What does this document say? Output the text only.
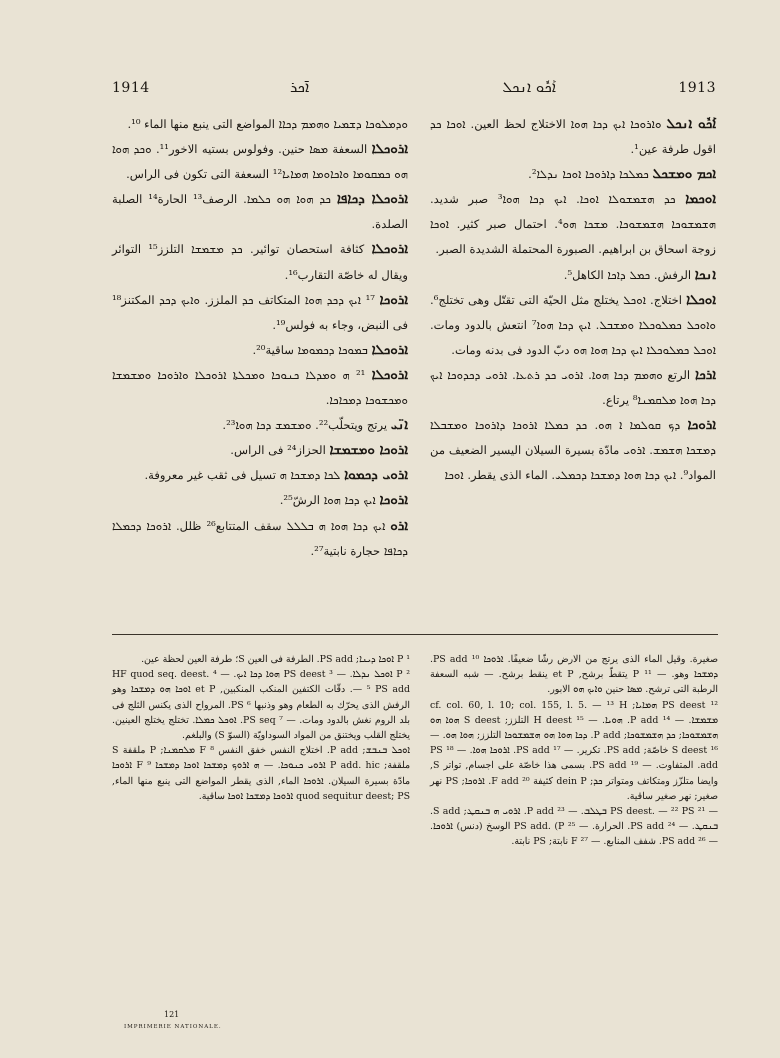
1914	ܐ̄ܟܪ	ܐܰܟܽܘ ܐܢܟܠ	1913

ܘܕܡܠܘܟܐ ܕܫܡܝܐ ܘܗܡܡ ܕܟܐܐ المواضع التى ينبع منها الماء ¹⁰.

ܐܪܘܟܠܐ السعفة ܡܣܐ حنين. وفولوس بستيه الاخور¹¹. ܘܟܕ ܗܘܐ ܗܘ ܟܡܩܘܡܐ ܘܐܟܐܘܡܐ ܗܡܐܝܐ¹² السعفة التى تكون فى الراس.

ܐܪܘܟܠܐ ܕܟܐܦܐ ܟܕ ܗܘܐ ܗܘ ܟܠܡܐ. الرصف¹³ الحارة¹⁴ الصلبة الصلدة.

ܐܪܘܟܠܐ كثافة استحصان توائير. ܟܕ ܡܫܡܫܐ التلزز¹⁵ التوائر ويقال له خاصّة التقارب¹⁶.

ܐܪܘܟܐ ¹⁷ ܐܝܟ ܕܟܕ ܗܘܐ المتكاتف ܟܕ الملزز. ܘܐܝܟ ܕܟܕ المكتنز¹⁸ فى النبض، وجاء به فولس¹⁹.

ܐܪܘܟܠܐ ܒܡܘܟܐ ܕܟܡܘܡܐ ساقية²⁰.

ܐܪܘܟܠܐ ²¹ ܗ ܘܡܕܠܐ ܟܢܘܟܐ ܘܡܟܠܬܐ ܐܪܘܟܠܐ ܘܐܪܘܟܐ ܘܡܫܡܫܐ ܘܡܟܫܘܟܐ ܕܡܟܐܟܐ.

ܐܢ̈ܝ يرتج ويتحلّب²². ܘܡܫܡܫ ܕܟܐ ܗܘܐ²³.

ܐܪܘܟܐ ܘܡܫܡܫܐ الحزاز²⁴ فى الراس.

ܐܪܘܝ ܕܟܡܘܐ ܠܟܐ ܕܡܫܟܐ ܗ تسيل فى ثقب غير معروفة.

ܐܪܘܟܐ ܐܝܟ ܕܟܐ ܗܘܐ الرشّ²⁵.

ܐܪܘ ܐܝܟ ܕܟܐ ܗܘܐ ܗ ܒܠܠܠ سقف المتتابع²⁶ ظلل. ܐܪܘܟܐ ܕܟܡܠܐ ܕܟܐܦܐ حجارة نابتية²⁷.

ܐܰܟܽܘ ܐܢܟܠ ܘܐܪܘܟܐ ܐܝܟ ܕܟܐ ܗܘܐ الاختلاج لحظ العين. ܐܘܟܐ ܟܕ اقول طرفة عين¹.

ܐܟܡ ܘܡܫܟܠ ܟܡܠܟܐ ܕܐܪܘܟܐ ܐܘܟܐ ܢܕܠܐ².

ܐܘܟܡܐ ܟܕ ܗܫܡܫܘܠܐ ܐܘܟܐ. ܐܝܟ ܕܟܐ ܗܘܐ³ صبر شديد. ܗܫܡܫܘܟܐ ܗܫܡܫܘܟܐ. ܡܫܟܐ ܗܘ⁴. احتمال صبر كثير. ܐܘܟܐ زوجة اسحاق بن ابراهيم. الصبورة المحتملة الشديدة الصبر.

ܐܢܟܐ الرفش. ܟܡܠ ܕܐܟܐ الكاهل⁵.

ܐܘܟܠܐ اختلاج. ܐܘܟܠ يختلج مثل الحيّة التى تقتّل وهى تختلج⁶. ܘܐܘܟܠ ܟܡܠܘܟܠܐ ܘܡܫܒܠ. ܐܝܟ ܕܟܐ ܗܘܐ⁷ انتعش بالدود ومات. ܐܘܟܠ ܟܡܠܘܟܠܐ ܐܝܟ ܕܟܐ ܗܘܐ ܗܘ دبّ الدود فى بدنه ومات.

ܐܪܟܐ الرتع ܘܗܡܡ ܕܟܐ ܗܘܐ. ܐܪܘܝ ܟܕ ܪܬܥܐ. ܐܪܘܝ ܕܟܕܘܟܐ ܐܝܟ ܕܟܐ ܗܘܐ ܡܠܩܡܢܐ⁸ يرتاع.

ܐܪܘܟܐ ܕܟ ܩܘܠܡܐ ܐ ܗܘ. ܟܕ ܟܡܠܐ ܐܪܘܟܐ ܕܐܪܘܟܐ ܘܡܫܒܠܐ ܕܡܫܟܐ ܗܫܡܫ. ܐܪܘܝ مادّة بسيرة السيلان اليسير الضعيف من المواد⁹. ܐܝܟ ܕܟܐ ܗܘܐ ܕܡܫܟܐ ܕܟܡܠܝ. الماء الذى يقطر. ܐܘܟܐ

¹ P ܐܘܟܐ ܕܝܢܐ; PS add. الطرفة فى العين S؛ طرفة العين لحظة عين.

² P ܐܘܟܠ ܢܕܠܐ. — ³ PS deest ܗܘܐ ܕܟܐ ܐܝܟ. — ⁴ HF quod seq. deest. — ⁵ PS add. دقّات الكتفين المنكب المنكبين, et P ܐܘܟܐ ܗܘ ܕܡܫܟܐ وهو الرفش الذى يحرّك به الطعام وهو وذنبها ⁶ PS. المرواح الذى يكنس الثلج فى بلد الروم نغش بالدود ومات. — ⁷ PS seq. ܐܘܟܠ ܟܡܠܐ. تختلج يختلج العينين. يختلج القلب ويختنق من المواد السوداويّة (السوّ S) والبلغم.

ܐܘܟܠ ܒܢܒܫ; P add. اختلاج النفس خفق النفس ⁸ F ܡܠܩܡܢܐ; P ملقفة S ملقفة; P add. hic ܐܪܘܝ ܟܢܘܟܐ. — ܗ ܐܪܘܟ ܕܡܫܟܐ ܐܘܟܐ ܕܡܫܟܐ ⁹ F ܐܪܘܟܐ مادّة بسيرة السيلان. ܐܪܘܟܐ الماء, الذى يقطر المواضع التى ينبع منها الماء, quod sequitur deest; PS ܐܪܘܟܐ ܕܡܫܟܐ ܐܘܟܐ ساقية.

صغيرة. وقيل الماء الذى يرتج من الارض رشّا ضعيفًا. ܐܪܘܟܐ ¹⁰ PS add. ܕܡܫܟܐ وهو. — ¹¹ P يتقطّ برشح, et P ينقط برشح. — شبه السعفة الرطبة التى ترشح. ܡܣܐ حنين ܘܐܝܟ ܗܘ الابور.

¹² PS deest ܗܡܐܝܐ; cf. col. 60, l. 10; col. 155, l. 5. — ¹³ H ܡܫܡܫܐ. — ¹⁴ P add. ܗܘܝܐ. — ¹⁵ H deest التلزز; S deest ܗܘܐ ܗܘ ܗܫܡܫܘܟܐ; ܟܕ ܗܫܡܫܘܟܐ; P add. ܕܟܐ ܗܘܐ ܗܘ ܗܫܡܫܘܟܐ التلزز; ܗܘܐ ܗܘ. — ¹⁶ S deest خاصّة; PS add. تكرير. — ¹⁷ PS add. ܐܪܘܟܐ ܗܘܐ. — ¹⁸ PS add. المتفاوت. — ¹⁹ PS add. بسمى هذا خاصّة على اجسام, تواتر S, وايضا متلزّز ومتكاتف ومتواتر ܟܕ; dein P كثيفة ²⁰ F add. ܐܪܘܟܐ; PS نهر صغير; نهر صغير ساقية.

— ²¹ PS deest. — ²² PS ܒܛܠܒ. — ²³ P add. ܐܪܘܝ ܗ ܒܢܩܛ; S add. ܒܢܩܛ. — ²⁴ PS add. الحرارة. — ²⁵ PS add. (P الوسخ (دنس) ܐܪܘܟܐ. — ²⁶ PS add. شفف المنابع. — ²⁷ F نابتة; PS نابتة.

121
IMPRIMERIE NATIONALE.
